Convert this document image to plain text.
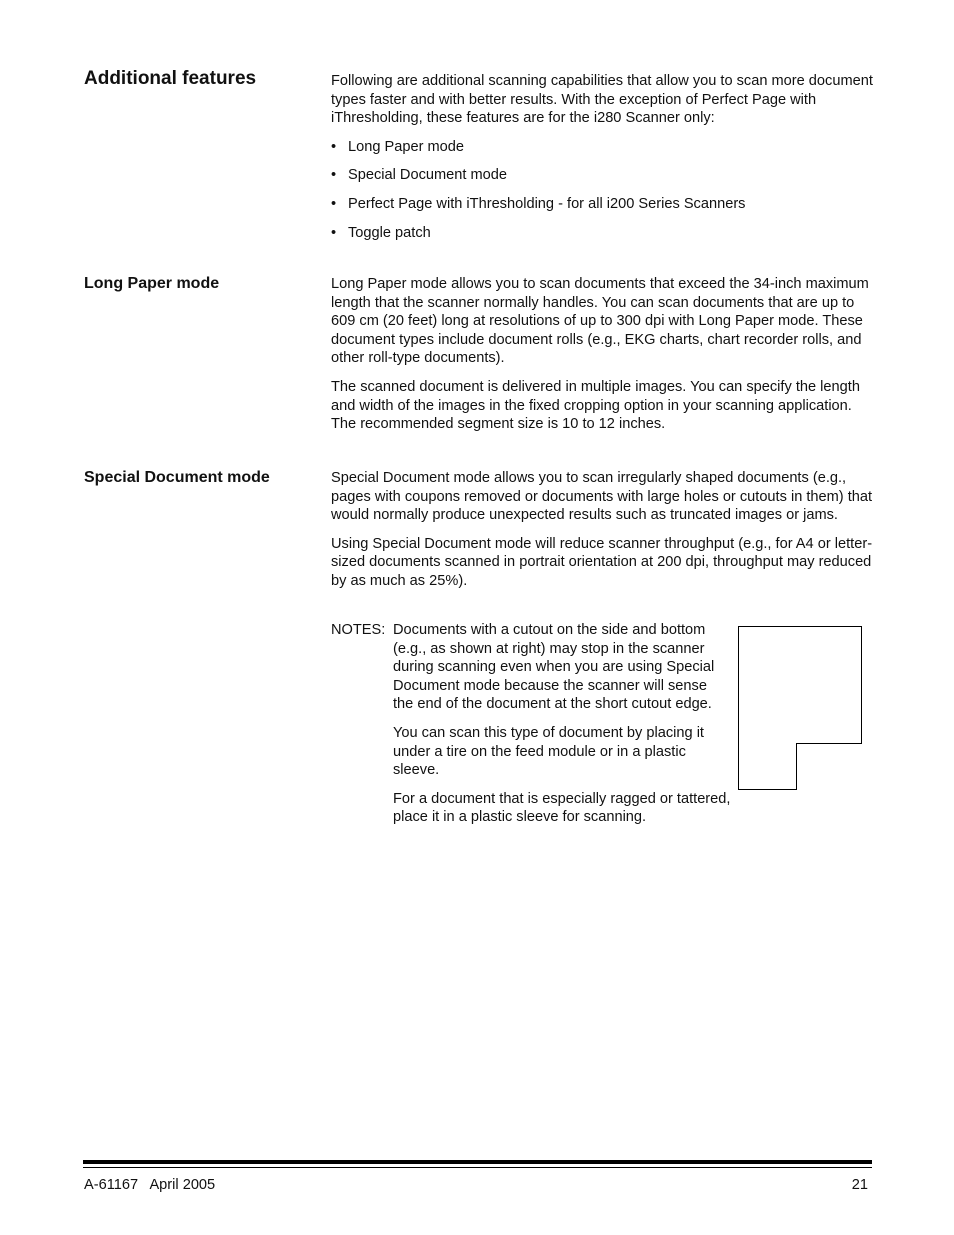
Additional features	Following are additional scanning capabilities that allow you to scan more document types faster and with better results. With the exception of Perfect Page with iThresholding, these features are for the i280 Scanner only:

• Long Paper mode
• Special Document mode
• Perfect Page with iThresholding - for all i200 Series Scanners
• Toggle patch
Long Paper mode	Long Paper mode allows you to scan documents that exceed the 34-inch maximum length that the scanner normally handles. You can scan documents that are up to 609 cm (20 feet) long at resolutions of up to 300 dpi with Long Paper mode. These document types include document rolls (e.g., EKG charts, chart recorder rolls, and other roll-type documents).

The scanned document is delivered in multiple images. You can specify the length and width of the images in the fixed cropping option in your scanning application. The recommended segment size is 10 to 12 inches.

Special Document mode	Special Document mode allows you to scan irregularly shaped documents (e.g., pages with coupons removed or documents with large holes or cutouts in them) that would normally produce unexpected results such as truncated images or jams.

Using Special Document mode will reduce scanner throughput (e.g., for A4 or letter-sized documents scanned in portrait orientation at 200 dpi, throughput may reduced by as much as 25%).

NOTES: Documents with a cutout on the side and bottom (e.g., as shown at right) may stop in the scanner during scanning even when you are using Special Document mode because the scanner will sense the end of the document at the short cutout edge.

You can scan this type of document by placing it under a tire on the feed module or in a plastic sleeve.

For a document that is especially ragged or tattered, place it in a plastic sleeve for scanning.

A-61167   April 2005	21
